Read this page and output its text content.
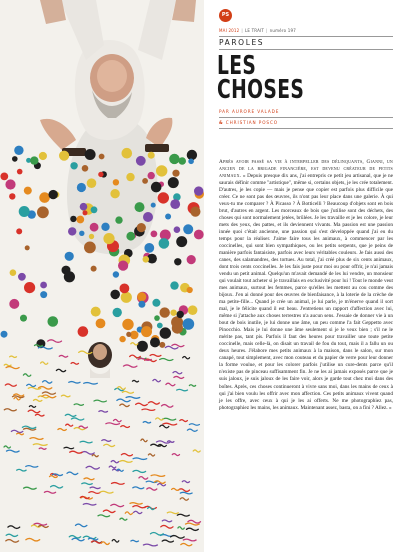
PS
MAI 2012 | LE TRAIT | numéro 197
PAROLES
LES
CHOSES
PAR AURORE VALADE
& CHRISTIAN POSCO

Après avoir passé sa vie à interpeller des délinquants, Gianni, un ancien de la brigade financière, est devenu créateur de petits animaux. « Depuis presque dix ans, j'ai entrepris ce petit jeu artisanal, que je ne saurais définir comme "artistique", même si, certains objets, je les crée totalement. D'autres, je les copie — mais je pense que copier est parfois plus difficile que créer. Ce ne sont pas des œuvres, ils n'ont pas leur place dans une galerie. À qui veux-tu me comparer ? À Picasso ? À Botticelli ? Beaucoup d'objets sont en bois brut, d'autres en argent. Les morceaux de bois que j'utilise sont des déchets, des choses qui sont normalement jetées, brûlées. Je les travaille et je les colore, je leur mets des yeux, des pattes, et ils deviennent vivants. Ma passion est une passion innée quoi c'était ancienne, une passion qui s'est développée quand j'ai eu du temps pour la réaliser. J'aime faire tous les animaux, à commencer par les coccinelles, qui sont bien sympathiques, ou les petits serpents, que je peins de manière parfois fantaisiste, parfois avec leurs véritables couleurs. Je fais aussi des canes, des salamandres, des tortues. Au total, j'ai créé plus de six cents animaux, dont trois cents coccinelles. Je les fais juste pour moi ou pour offrir, je n'ai jamais vendu un petit animal. Quelqu'un m'avait demandé de les lui vendre, un monsieur qui voulait tout acheter si je travaillais en exclusivité pour lui ! Tout le monde veut mes animaux, surtout les femmes, parce qu'elles les mettent au cou comme des bijoux. J'en ai donné pour des œuvres de bienfaisance, à la loterie de la crèche de ma petite-fille... Quand je crée un animal, je lui parle, je m'énerve quand il sort mal, je le félicite quand il est beau. J'entretiens un rapport d'affection avec lui, même si j'attache aux choses terrestres n'a aucun sens. J'essaie de donner vie à un bout de bois inutile, je lui donne une âme, un peu comme l'a fait Geppetto avec Pinocchio. Mais je lui donne une âme seulement si je le veux bien ; s'il ne le mérite pas, tant pis. Parfois il faut des heures pour travailler une toute petite coccinelle, mais celle-là, on disait un travail de fou du tout, mais il a fallu un ou deux heures. J'élabore mes petits animaux à la maison, dans le salon, sur mon canapé, tout simplement, avec mon couteau et du papier de verre pour leur donner la forme voulue, et pour les colorer parfois j'utilise un cure-dents parce qu'il n'existe pas de pinceau suffisamment fin. Je ne les ai jamais exposés parce que je suis jaloux, je suis jaloux de les faire voir, alors je garde tout chez moi dans des boîtes. Après, ces choses continueront à vivre sans moi, dans les mains de ceux à qui j'ai bien voulu les offrir avec mon affection. Ces petits animaux vivent quand je les offre, avec ceux à qui je les ai offerts. Ne me photographiez pas, photographiez les mains, les animaux. Maintenant assez, basta, on a fini ? Allez. »
